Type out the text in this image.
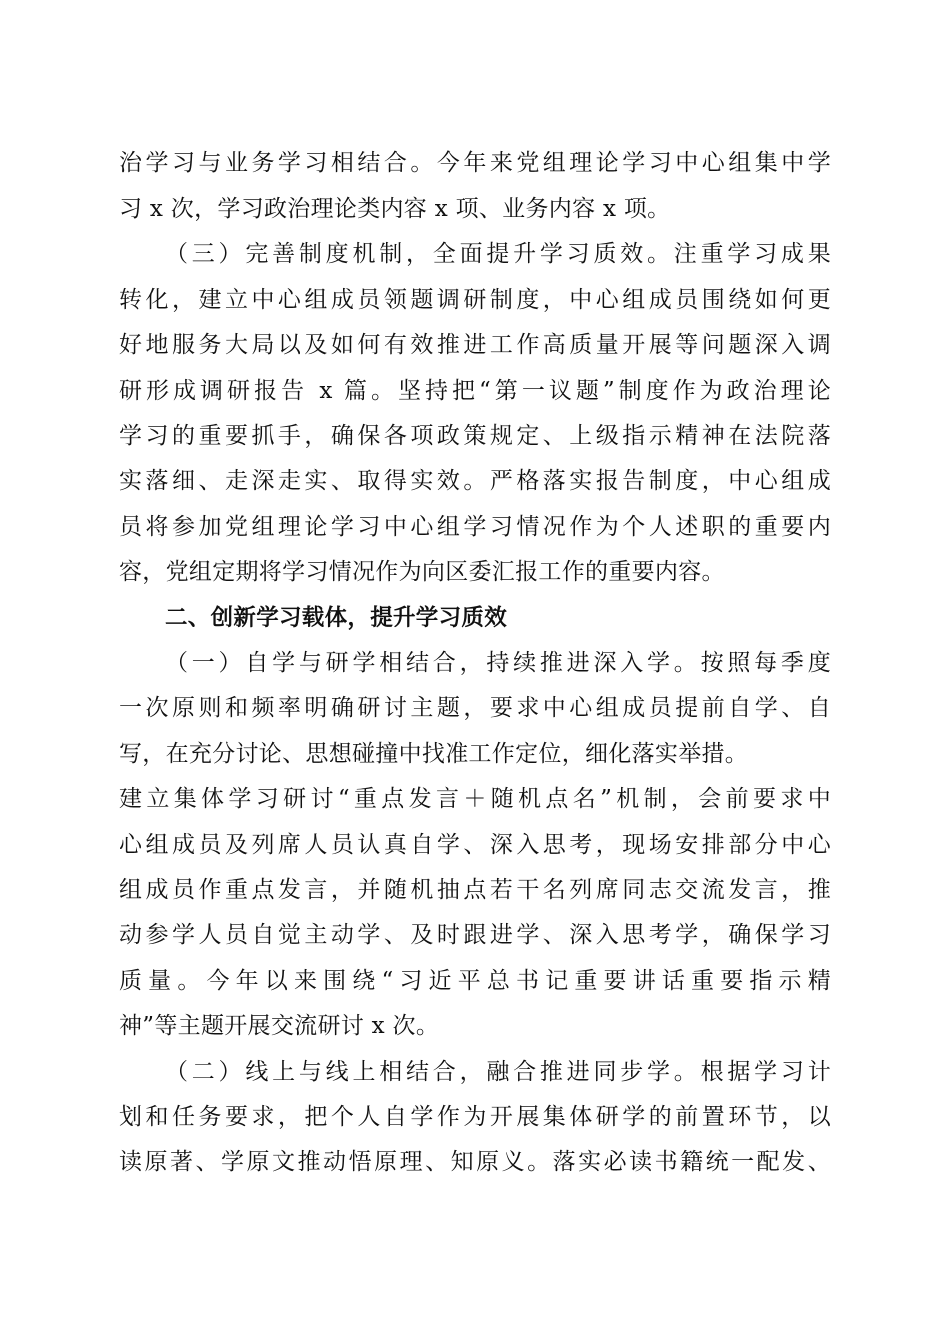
治学习与业务学习相结合。今年来党组理论学习中心组集中学
习 x 次，学习政治理论类内容 x 项、业务内容 x 项。
（三）完善制度机制，全面提升学习质效。注重学习成果
转化，建立中心组成员领题调研制度，中心组成员围绕如何更
好地服务大局以及如何有效推进工作高质量开展等问题深入调
研形成调研报告 x 篇。坚持把“第一议题”制度作为政治理论
学习的重要抓手，确保各项政策规定、上级指示精神在法院落
实落细、走深走实、取得实效。严格落实报告制度，中心组成
员将参加党组理论学习中心组学习情况作为个人述职的重要内
容，党组定期将学习情况作为向区委汇报工作的重要内容。
二、创新学习载体，提升学习质效
（一）自学与研学相结合，持续推进深入学。按照每季度
一次原则和频率明确研讨主题，要求中心组成员提前自学、自
写，在充分讨论、思想碰撞中找准工作定位，细化落实举措。
建立集体学习研讨“重点发言＋随机点名”机制，会前要求中
心组成员及列席人员认真自学、深入思考，现场安排部分中心
组成员作重点发言，并随机抽点若干名列席同志交流发言，推
动参学人员自觉主动学、及时跟进学、深入思考学，确保学习
质量。今年以来围绕“习近平总书记重要讲话重要指示精
神”等主题开展交流研讨 x 次。
（二）线上与线上相结合，融合推进同步学。根据学习计
划和任务要求，把个人自学作为开展集体研学的前置环节，以
读原著、学原文推动悟原理、知原义。落实必读书籍统一配发、
